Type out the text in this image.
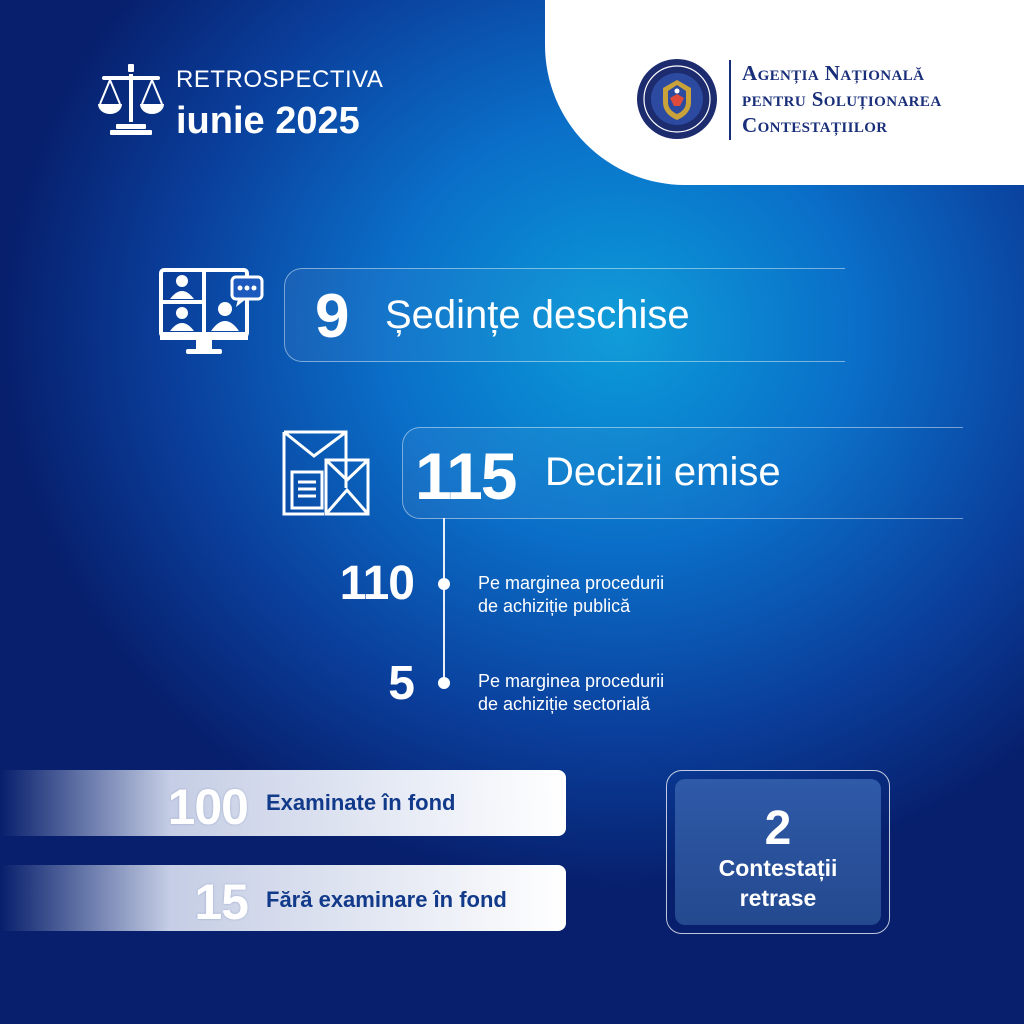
RETROSPECTIVA
iunie 2025
Agenția Națională
pentru Soluționarea
Contestațiilor
9 Ședințe deschise
115 Decizii emise
110	Pe marginea procedurii
de achiziție publică
5	Pe marginea procedurii
de achiziție sectorială
100 Examinate în fond
15 Fără examinare în fond
2
Contestații
retrase
